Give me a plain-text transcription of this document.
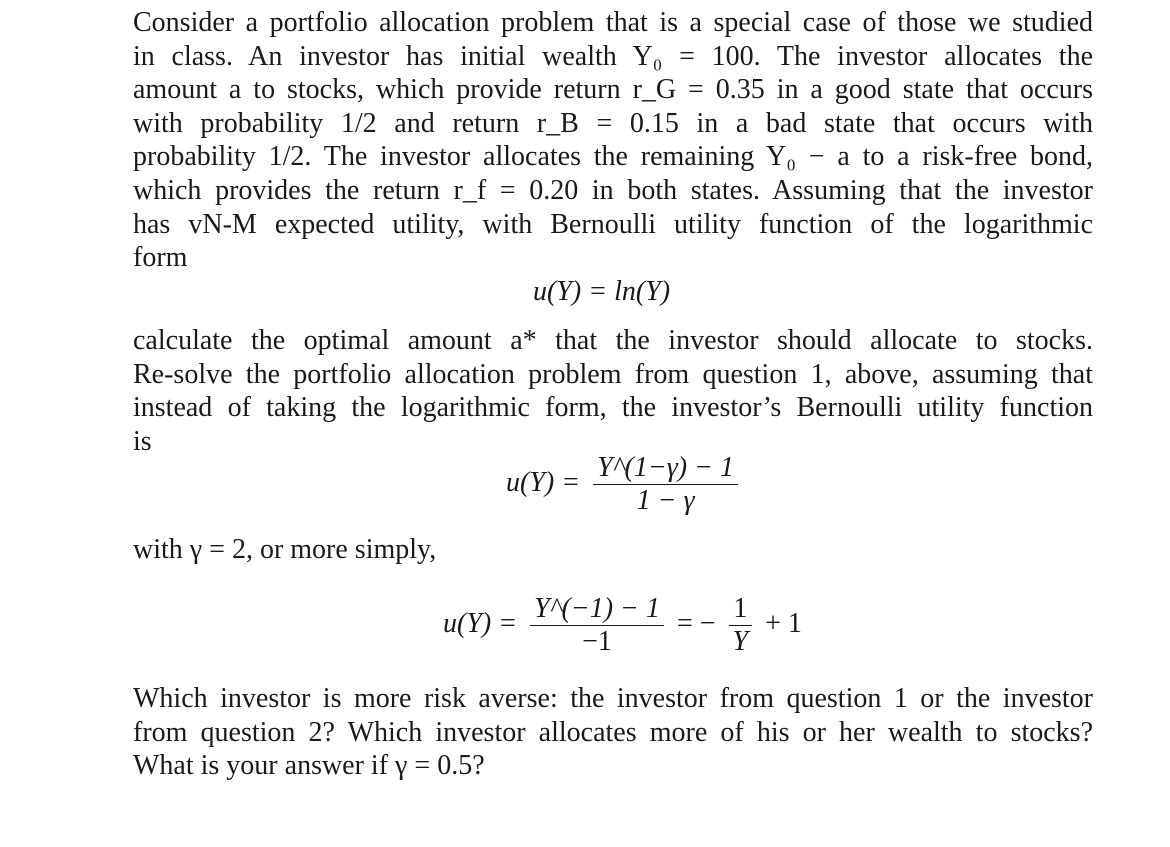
Consider a portfolio allocation problem that is a special case of those we studied
in class. An investor has initial wealth Y₀ = 100. The investor allocates the
amount a to stocks, which provide return r_G = 0.35 in a good state that occurs
with probability 1/2 and return r_B = 0.15 in a bad state that occurs with
probability 1/2. The investor allocates the remaining Y₀ − a to a risk-free bond,
which provides the return r_f = 0.20 in both states. Assuming that the investor
has vN-M expected utility, with Bernoulli utility function of the logarithmic
form
u(Y) = ln(Y)
calculate the optimal amount a* that the investor should allocate to stocks.
Re-solve the portfolio allocation problem from question 1, above, assuming that
instead of taking the logarithmic form, the investor’s Bernoulli utility function
is
$u(Y) = \frac{Y\^{}(1-\gamma) - 1}{1 - \gamma}$
with γ = 2, or more simply,
$u(Y) = \frac{Y\^{}(-1) - 1}{-1}$ = − $\frac{1}{Y} + 1$
Which investor is more risk averse: the investor from question 1 or the investor
from question 2? Which investor allocates more of his or her wealth to stocks?
What is your answer if γ = 0.5?
